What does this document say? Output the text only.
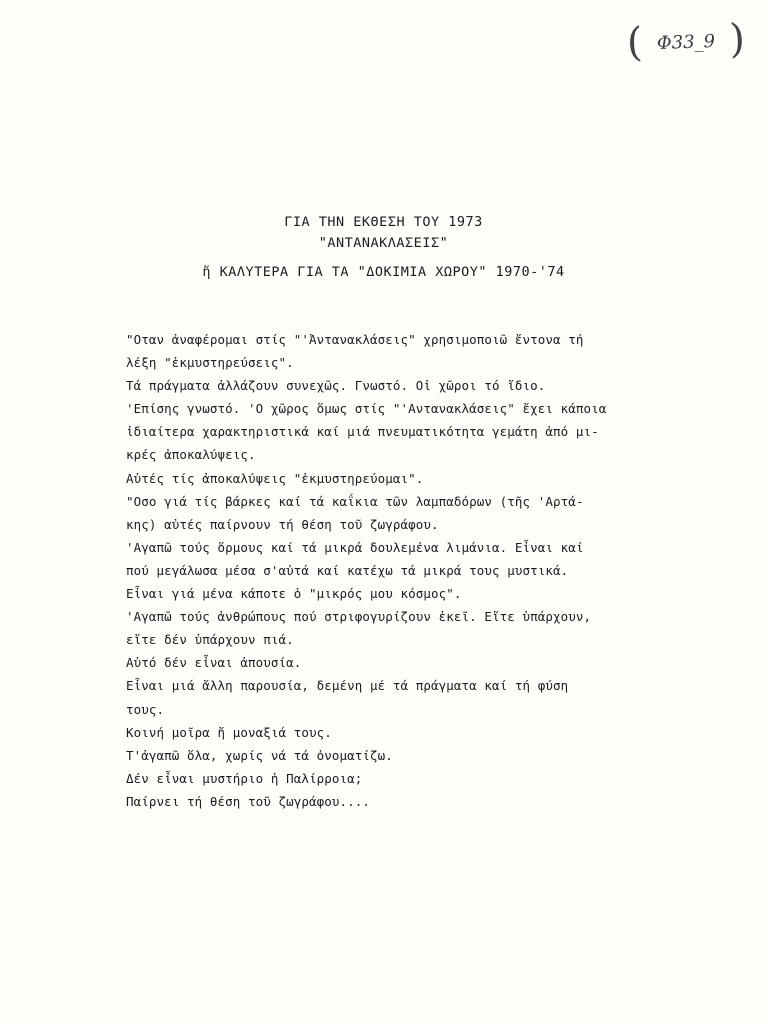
( Φ33_9 )
ΓΙΑ ΤΗΝ ΕΚΘΕΣΗ ΤΟΥ 1973
"ΑΝΤΑΝΑΚΛΑΣΕΙΣ"
ἤ ΚΑΛΥΤΕΡΑ ΓΙΑ ΤΑ "ΔΟΚΙΜΙΑ ΧΩΡΟΥ" 1970-'74
"Οταν ἀναφέρομαι στίς "'Ἀντανακλάσεις" χρησιμοποιῶ ἔντονα τή
λέξη "ἐκμυστηρεύσεις".
Τά πράγματα ἀλλάζουν συνεχῶς. Γνωστό. Οἱ χῶροι τό ἴδιο.
'Επίσης γνωστό. 'Ο χῶρος ὅμως στίς "'Αντανακλάσεις" ἔχει κάποια
ἰδιαίτερα χαρακτηριστικά καί μιά πνευματικότητα γεμάτη ἀπό μι-
κρές ἀποκαλύψεις.
Αὐτές τίς ἀποκαλύψεις "ἐκμυστηρεύομαι".
"Οσο γιά τίς βάρκες καί τά καΐκια τῶν λαμπαδόρων (τῆς 'Αρτά-
κης) αὐτές παίρνουν τή θέση τοῦ ζωγράφου.
'Αγαπῶ τούς ὅρμους καί τά μικρά δουλεμένα λιμάνια. Εἶναι καί
πού μεγάλωσα μέσα σ'αὐτά καί κατέχω τά μικρά τους μυστικά.
Εἶναι γιά μένα κάποτε ὁ "μικρός μου κόσμος".
'Αγαπῶ τούς ἀνθρώπους πού στριφογυρίζουν ἐκεῖ. Εἴτε ὑπάρχουν,
εἴτε δέν ὑπάρχουν πιά.
Αὐτό δέν εἶναι ἀπουσία.
Εἶναι μιά ἄλλη παρουσία, δεμένη μέ τά πράγματα καί τή φύση
τους.
Κοινή μοῖρα ἤ μοναξιά τους.
Τ'ἀγαπῶ ὅλα, χωρίς νά τά ὀνοματίζω.
Δέν εἶναι μυστήριο ἡ Παλίρροια;
Παίρνει τή θέση τοῦ ζωγράφου....
